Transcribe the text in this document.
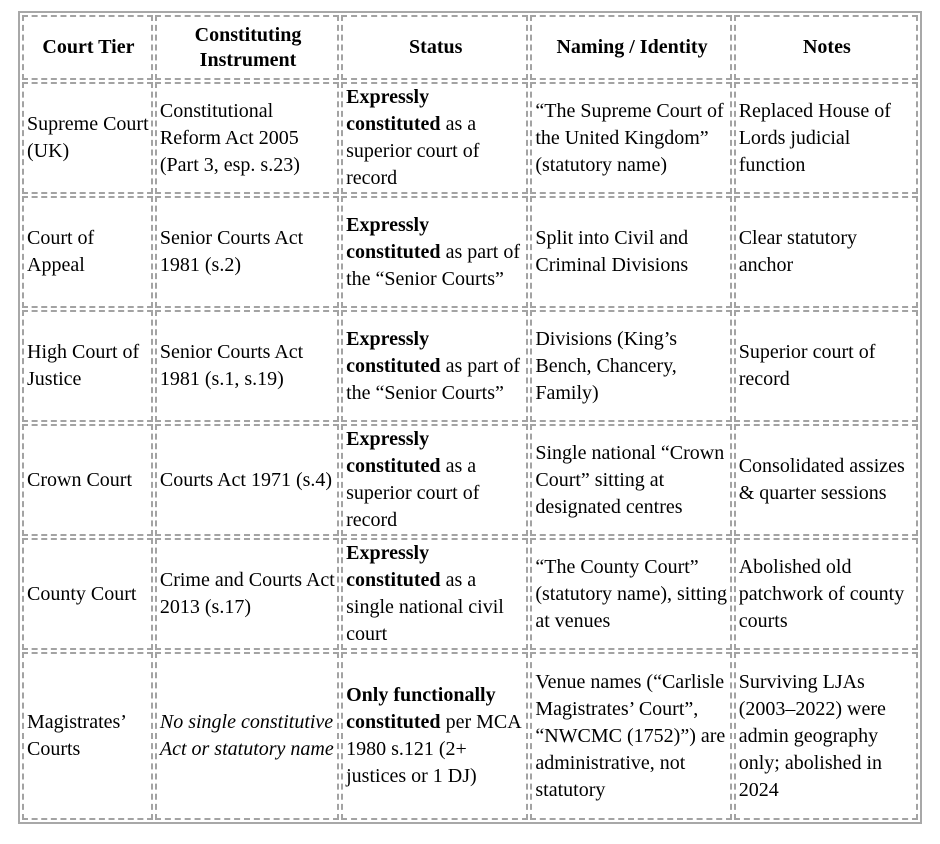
Court Tier	Constituting Instrument	Status	Naming / Identity	Notes
Supreme Court (UK)	Constitutional Reform Act 2005 (Part 3, esp. s.23)	Expressly constituted as a superior court of record	“The Supreme Court of the United Kingdom” (statutory name)	Replaced House of Lords judicial function
Court of Appeal	Senior Courts Act 1981 (s.2)	Expressly constituted as part of the “Senior Courts”	Split into Civil and Criminal Divisions	Clear statutory anchor
High Court of Justice	Senior Courts Act 1981 (s.1, s.19)	Expressly constituted as part of the “Senior Courts”	Divisions (King’s Bench, Chancery, Family)	Superior court of record
Crown Court	Courts Act 1971 (s.4)	Expressly constituted as a superior court of record	Single national “Crown Court” sitting at designated centres	Consolidated assizes & quarter sessions
County Court	Crime and Courts Act 2013 (s.17)	Expressly constituted as a single national civil court	“The County Court” (statutory name), sitting at venues	Abolished old patchwork of county courts
Magistrates’ Courts	No single constitutive Act or statutory name	Only functionally constituted per MCA 1980 s.121 (2+ justices or 1 DJ)	Venue names (“Carlisle Magistrates’ Court”, “NWCMC (1752)”) are administrative, not statutory	Surviving LJAs (2003–2022) were admin geography only; abolished in 2024
